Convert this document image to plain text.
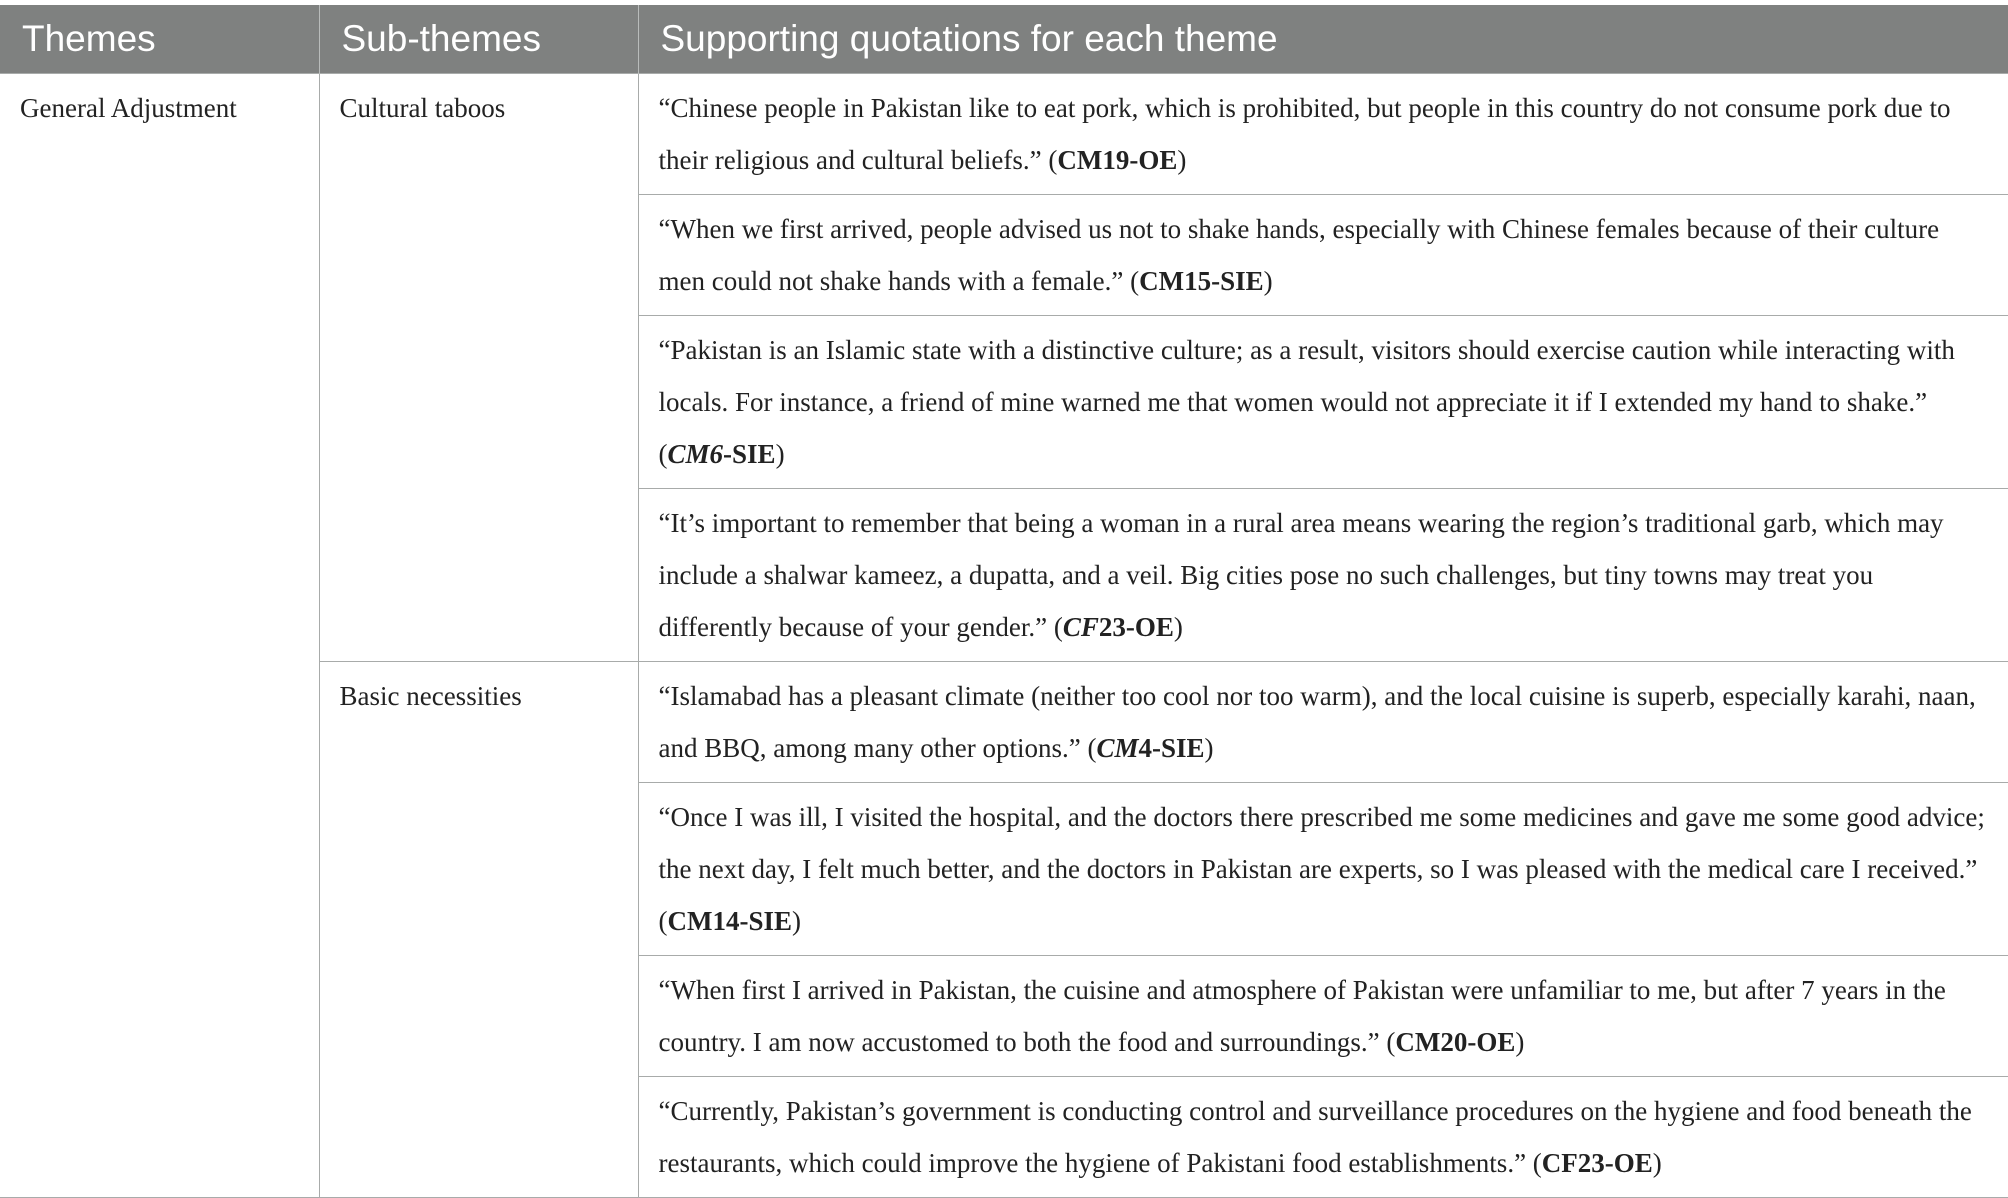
Themes	Sub-themes	Supporting quotations for each theme
General Adjustment	Cultural taboos	“Chinese people in Pakistan like to eat pork, which is prohibited, but people in this country do not consume pork due to their religious and cultural beliefs.” (CM19-OE)
		“When we first arrived, people advised us not to shake hands, especially with Chinese females because of their culture men could not shake hands with a female.” (CM15-SIE)
		“Pakistan is an Islamic state with a distinctive culture; as a result, visitors should exercise caution while interacting with locals. For instance, a friend of mine warned me that women would not appreciate it if I extended my hand to shake.” (CM6-SIE)
		“It’s important to remember that being a woman in a rural area means wearing the region’s traditional garb, which may include a shalwar kameez, a dupatta, and a veil. Big cities pose no such challenges, but tiny towns may treat you differently because of your gender.” (CF23-OE)
	Basic necessities	“Islamabad has a pleasant climate (neither too cool nor too warm), and the local cuisine is superb, especially karahi, naan, and BBQ, among many other options.” (CM4-SIE)
		“Once I was ill, I visited the hospital, and the doctors there prescribed me some medicines and gave me some good advice; the next day, I felt much better, and the doctors in Pakistan are experts, so I was pleased with the medical care I received.” (CM14-SIE)
		“When first I arrived in Pakistan, the cuisine and atmosphere of Pakistan were unfamiliar to me, but after 7 years in the country. I am now accustomed to both the food and surroundings.” (CM20-OE)
		“Currently, Pakistan’s government is conducting control and surveillance procedures on the hygiene and food beneath the restaurants, which could improve the hygiene of Pakistani food establishments.” (CF23-OE)
